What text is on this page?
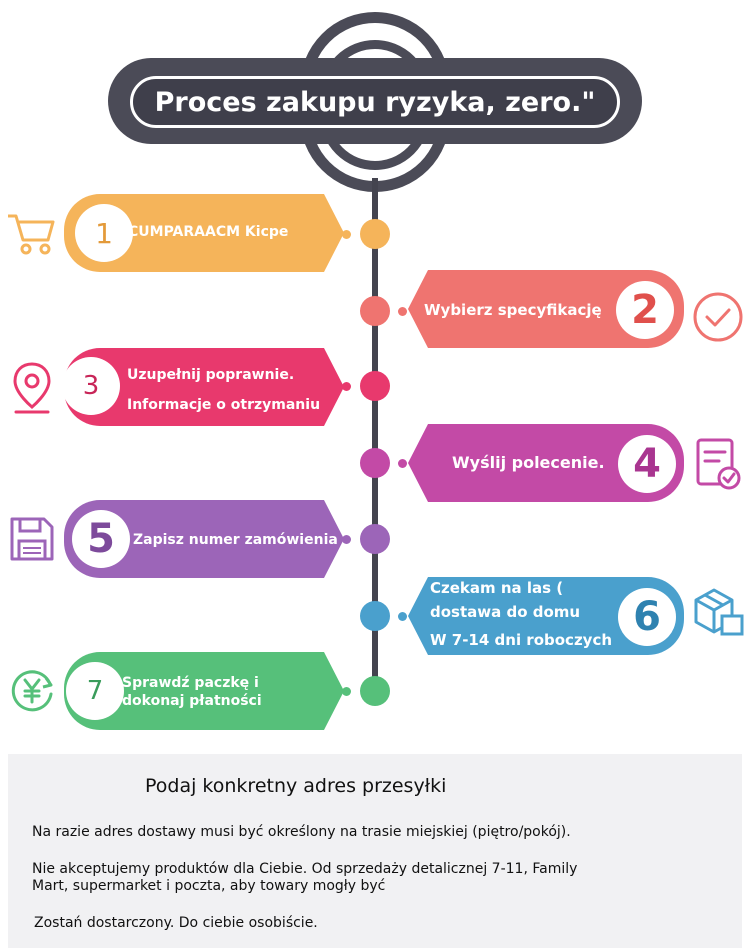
Proces zakupu ryzyka, zero."
1 CUMPARAACM Kicpe
Wybierz specyfikację 2
3 Uzupełnij poprawnie.
Informacje o otrzymaniu
Wyślij polecenie. 4
5 Zapisz numer zamówienia
Czekam na las (
dostawa do domu
W 7-14 dni roboczych 6
7 Sprawdź paczkę i
dokonaj płatności
Podaj konkretny adres przesyłki
Na razie adres dostawy musi być określony na trasie miejskiej (piętro/pokój).
Nie akceptujemy produktów dla Ciebie. Od sprzedaży detalicznej 7-11, Family
Mart, supermarket i poczta, aby towary mogły być
Zostań dostarczony. Do ciebie osobiście.
